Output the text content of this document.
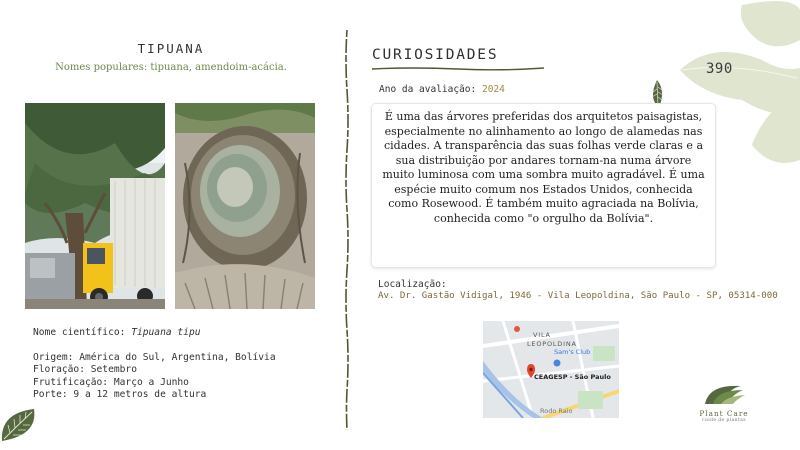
TIPUANA
Nomes populares: tipuana, amendoim-acácia.
Nome científico: Tipuana tipu
Origem: América do Sul, Argentina, Bolívia
Floração: Setembro
Frutificação: Março a Junho
Porte: 9 a 12 metros de altura
CURIOSIDADES
Ano da avaliação: 2024
É uma das árvores preferidas dos arquitetos paisagistas, especialmente no alinhamento ao longo de alamedas nas cidades. A transparência das suas folhas verde claras e a sua distribuição por andares tornam-na numa árvore muito luminosa com uma sombra muito agradável. É uma espécie muito comum nos Estados Unidos, conhecida como Rosewood. É também muito agraciada na Bolívia, conhecida como "o orgulho da Bolívia".
Localização:
Av. Dr. Gastão Vidigal, 1946 - Vila Leopoldina, São Paulo - SP, 05314-000
VILA
LEOPOLDINA
Sam's Club
CEAGESP - São Paulo
Rodo Raio
390
Plant Care
cuide de plantas
